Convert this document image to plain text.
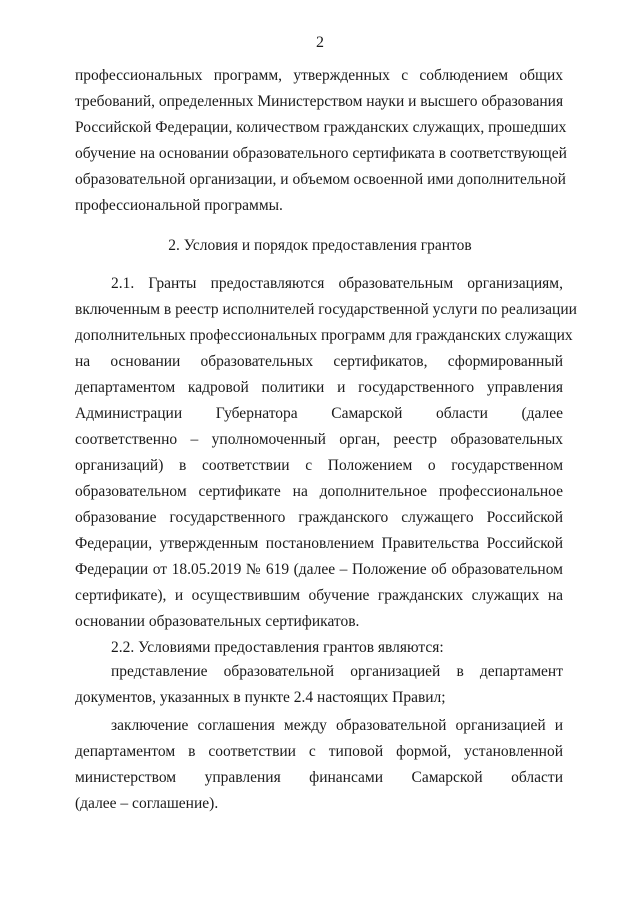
2
профессиональных программ, утвержденных с соблюдением общих
требований, определенных Министерством науки и высшего образования
Российской Федерации, количеством гражданских служащих, прошедших
обучение на основании образовательного сертификата в соответствующей
образовательной организации, и объемом освоенной ими дополнительной
профессиональной программы.
2. Условия и порядок предоставления грантов
2.1. Гранты предоставляются образовательным организациям,
включенным в реестр исполнителей государственной услуги по реализации
дополнительных профессиональных программ для гражданских служащих
на основании образовательных сертификатов, сформированный
департаментом кадровой политики и государственного управления
Администрации Губернатора Самарской области (далее
соответственно – уполномоченный орган, реестр образовательных
организаций) в соответствии с Положением о государственном
образовательном сертификате на дополнительное профессиональное
образование государственного гражданского служащего Российской
Федерации, утвержденным постановлением Правительства Российской
Федерации от 18.05.2019 № 619 (далее – Положение об образовательном
сертификате), и осуществившим обучение гражданских служащих на
основании образовательных сертификатов.
2.2. Условиями предоставления грантов являются:
представление образовательной организацией в департамент
документов, указанных в пункте 2.4 настоящих Правил;
заключение соглашения между образовательной организацией и
департаментом в соответствии с типовой формой, установленной
министерством управления финансами Самарской области
(далее – соглашение).
